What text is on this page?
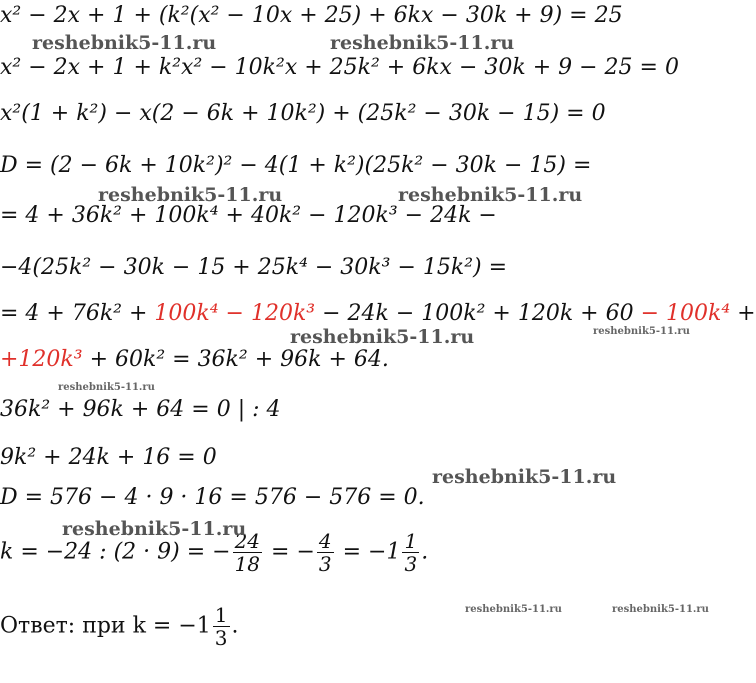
x² − 2x + 1 + (k²(x² − 10x + 25) + 6kx − 30k + 9) = 25
x² − 2x + 1 + k²x² − 10k²x + 25k² + 6kx − 30k + 9 − 25 = 0
x²(1 + k²) − x(2 − 6k + 10k²) + (25k² − 30k − 15) = 0
D = (2 − 6k + 10k²)² − 4(1 + k²)(25k² − 30k − 15) =
= 4 + 36k² + 100k⁴ + 40k² − 120k³ − 24k −
−4(25k² − 30k − 15 + 25k⁴ − 30k³ − 15k²) =
= 4 + 76k² + 100k⁴ − 120k³ − 24k − 100k² + 120k + 60 − 100k⁴ +
+120k³ + 60k² = 36k² + 96k + 64.
36k² + 96k + 64 = 0 | : 4
9k² + 24k + 16 = 0
D = 576 − 4 · 9 · 16 = 576 − 576 = 0.
k = −24 : (2 · 9) = − $\frac{24}{18}$ = − $\frac{4}{3} = -1 \frac{1}{3}$ .
Ответ: при $k = -1 \frac{1}{3}$ .
reshebnik5-11.ru	reshebnik5-11.ru
reshebnik5-11.ru	reshebnik5-11.ru
reshebnik5-11.ru	reshebnik5-11.ru
reshebnik5-11.ru
reshebnik5-11.ru
reshebnik5-11.ru
reshebnik5-11.ru	reshebnik5-11.ru
